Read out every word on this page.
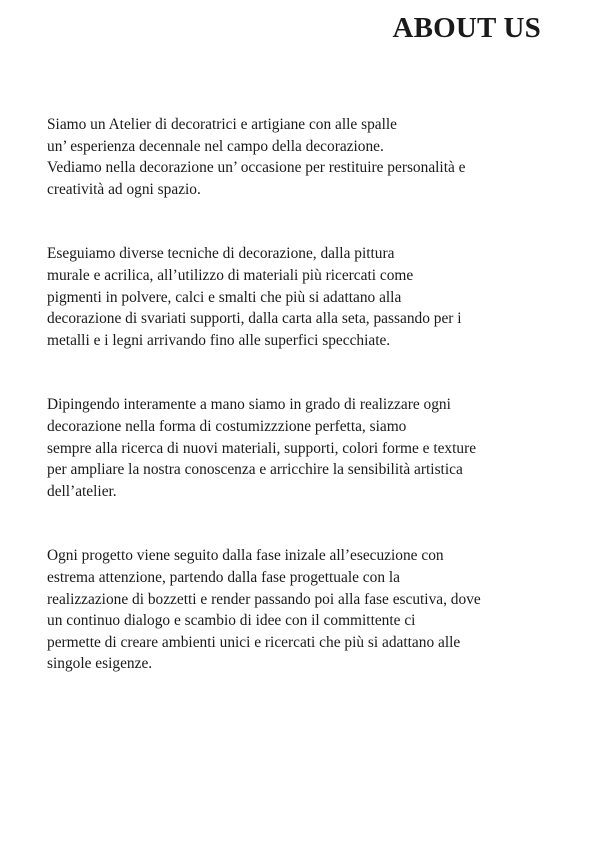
ABOUT US

Siamo un Atelier di decoratrici e artigiane con alle spalle
un’ esperienza decennale nel campo della decorazione.
Vediamo nella decorazione un’ occasione per restituire personalità e
creatività ad ogni spazio.

Eseguiamo diverse tecniche di decorazione, dalla pittura
murale e acrilica, all’utilizzo di materiali più ricercati come
pigmenti in polvere, calci e smalti che più si adattano alla
decorazione di svariati supporti, dalla carta alla seta, passando per i
metalli e i legni arrivando fino alle superfici specchiate.

Dipingendo interamente a mano siamo in grado di realizzare ogni
decorazione nella forma di costumizzzione perfetta, siamo
sempre alla ricerca di nuovi materiali, supporti, colori forme e texture
per ampliare la nostra conoscenza e arricchire la sensibilità artistica
dell’atelier.

Ogni progetto viene seguito dalla fase inizale all’esecuzione con
estrema attenzione, partendo dalla fase progettuale con la
realizzazione di bozzetti e render passando poi alla fase escutiva, dove
un continuo dialogo e scambio di idee con il committente ci
permette di creare ambienti unici e ricercati che più si adattano alle
singole esigenze.
